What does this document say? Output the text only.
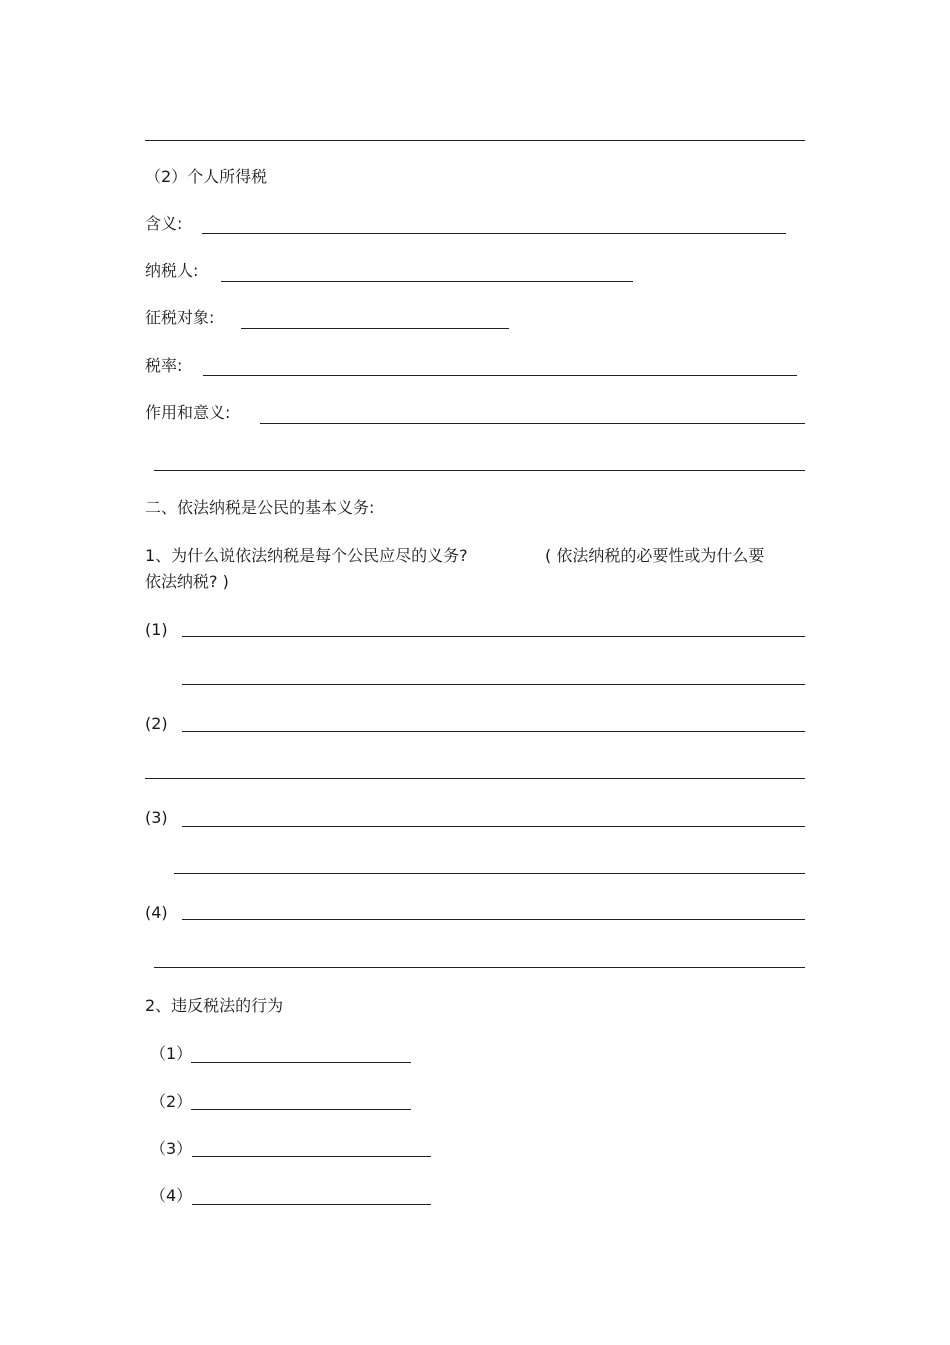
（2）个人所得税
含义:
纳税人:
征税对象:
税率:
作用和意义:
二、依法纳税是公民的基本义务:
1、为什么说依法纳税是每个公民应尽的义务?	( 依法纳税的必要性或为什么要
依法纳税? )
(1)
(2)
(3)
(4)
2、违反税法的行为
（1）
（2）
（3）
（4）
